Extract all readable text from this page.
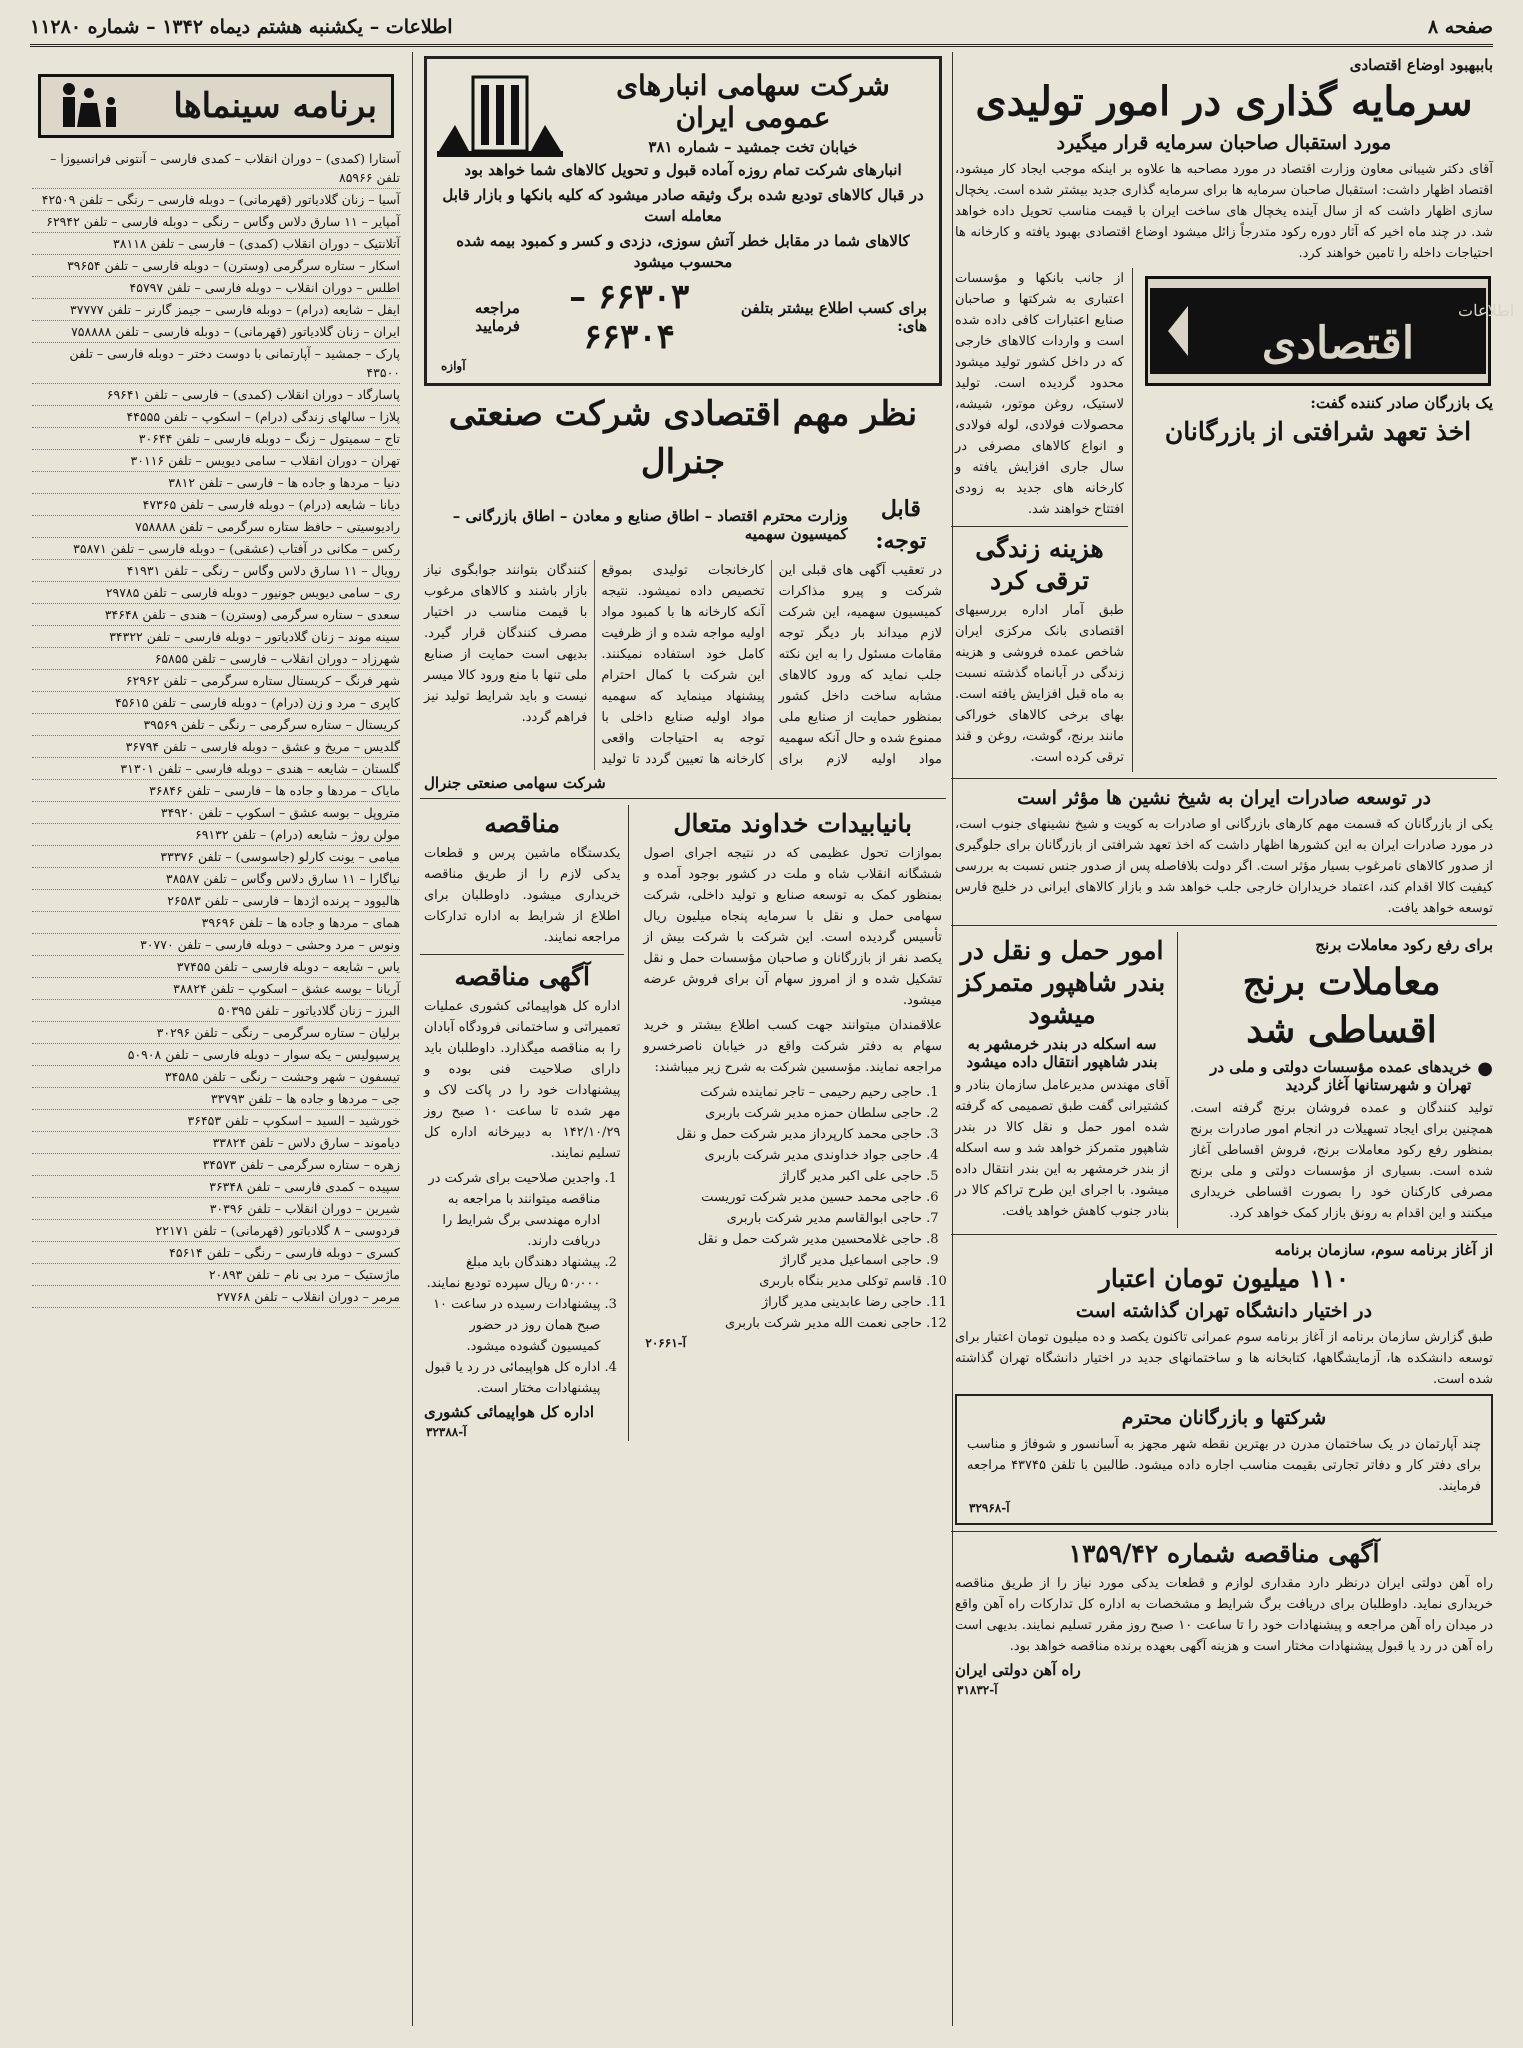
صفحه ۸
اطلاعات – یکشنبه هشتم دیماه ۱۳۴۲ – شماره ۱۱۲۸۰
باببهبود اوضاع اقتصادی
سرمایه گذاری در امور تولیدی
مورد استقبال صاحبان سرمایه قرار میگیرد

آقای دکتر شیبانی معاون وزارت اقتصاد در مورد مصاحبه ها علاوه بر اینکه موجب ایجاد کار میشود، اقتصاد اظهار داشت: استقبال صاحبان سرمایه ها برای سرمایه گذاری جدید بیشتر شده است. یخچال سازی اظهار داشت که از سال آینده یخچال های ساخت ایران با قیمت مناسب تحویل داده خواهد شد. در چند ماه اخیر که آثار دوره رکود متدرجاً زائل میشود اوضاع اقتصادی بهبود یافته و کارخانه ها احتیاجات داخله را تامین خواهند کرد.

اطلاعات
اقتصادی
یک بازرگان صادر کننده گفت:
اخذ تعهد شرافتی از بازرگانان

از جانب بانکها و مؤسسات اعتباری به شرکتها و صاحبان صنایع اعتبارات کافی داده شده است و واردات کالاهای خارجی که در داخل کشور تولید میشود محدود گردیده است. تولید لاستیک، روغن موتور، شیشه، محصولات فولادی، لوله فولادی و انواع کالاهای مصرفی در سال جاری افزایش یافته و کارخانه های جدید به زودی افتتاح خواهند شد.

هزینه زندگی ترقی کرد

طبق آمار اداره بررسیهای اقتصادی بانک مرکزی ایران شاخص عمده فروشی و هزینه زندگی در آبانماه گذشته نسبت به ماه قبل افزایش یافته است. بهای برخی کالاهای خوراکی مانند برنج، گوشت، روغن و قند ترقی کرده است.

در توسعه صادرات ایران به شیخ نشین ها مؤثر است

یکی از بازرگانان که قسمت مهم کارهای بازرگانی او صادرات به کویت و شیخ نشینهای جنوب است، در مورد صادرات ایران به این کشورها اظهار داشت که اخذ تعهد شرافتی از بازرگانان برای جلوگیری از صدور کالاهای نامرغوب بسیار مؤثر است. اگر دولت بلافاصله پس از صدور جنس نسبت به بررسی کیفیت کالا اقدام کند، اعتماد خریداران خارجی جلب خواهد شد و بازار کالاهای ایرانی در خلیج فارس توسعه خواهد یافت.

برای رفع رکود معاملات برنج
معاملات برنج اقساطی شد
●
خریدهای عمده مؤسسات دولتی و ملی در تهران و شهرستانها آغاز گردید

تولید کنندگان و عمده فروشان برنج گرفته است. همچنین برای ایجاد تسهیلات در انجام امور صادرات برنج بمنظور رفع رکود معاملات برنج، فروش اقساطی آغاز شده است. بسیاری از مؤسسات دولتی و ملی برنج مصرفی کارکنان خود را بصورت اقساطی خریداری میکنند و این اقدام به رونق بازار کمک خواهد کرد.

امور حمل و نقل در بندر شاهپور متمرکز میشود
سه اسکله در بندر خرمشهر به بندر شاهپور انتقال داده میشود

آقای مهندس مدیرعامل سازمان بنادر و کشتیرانی گفت طبق تصمیمی که گرفته شده امور حمل و نقل کالا در بندر شاهپور متمرکز خواهد شد و سه اسکله از بندر خرمشهر به این بندر انتقال داده میشود. با اجرای این طرح تراکم کالا در بنادر جنوب کاهش خواهد یافت.

از آغاز برنامه سوم، سازمان برنامه
۱۱۰ میلیون تومان اعتبار
در اختیار دانشگاه تهران گذاشته است

طبق گزارش سازمان برنامه از آغاز برنامه سوم عمرانی تاکنون یکصد و ده میلیون تومان اعتبار برای توسعه دانشکده ها، آزمایشگاهها، کتابخانه ها و ساختمانهای جدید در اختیار دانشگاه تهران گذاشته شده است.

شرکتها و بازرگانان محترم

چند آپارتمان در یک ساختمان مدرن در بهترین نقطه شهر مجهز به آسانسور و شوفاژ و مناسب برای دفتر کار و دفاتر تجارتی بقیمت مناسب اجاره داده میشود. طالبین با تلفن ۴۳۷۴۵ مراجعه فرمایند.

آ-۳۲۹۶۸
آگهی مناقصه شماره ۱۳۵۹/۴۲

راه آهن دولتی ایران درنظر دارد مقداری لوازم و قطعات یدکی مورد نیاز را از طریق مناقصه خریداری نماید. داوطلبان برای دریافت برگ شرایط و مشخصات به اداره کل تدارکات راه آهن واقع در میدان راه آهن مراجعه و پیشنهادات خود را تا ساعت ۱۰ صبح روز مقرر تسلیم نمایند. بدیهی است راه آهن در رد یا قبول پیشنهادات مختار است و هزینه آگهی بعهده برنده مناقصه خواهد بود.

راه آهن دولتی ایران
آ-۳۱۸۳۲
شرکت سهامی انبارهای عمومی ایران
خیابان تخت جمشید – شماره ۳۸۱

انبارهای شرکت تمام روزه آماده قبول و تحویل کالاهای شما خواهد بود

در قبال کالاهای تودیع شده برگ وثیقه صادر میشود که کلیه بانکها و بازار قابل معامله است

کالاهای شما در مقابل خطر آتش سوزی، دزدی و کسر و کمبود بیمه شده محسوب میشود

برای کسب اطلاع بیشتر بتلفن های:
۶۶۳۰۳ – ۶۶۳۰۴
مراجعه فرمایید
آوازه
نظر مهم اقتصادی شرکت صنعتی جنرال
قابل توجه:
وزارت محترم اقتصاد – اطاق صنایع و معادن – اطاق بازرگانی – کمیسیون سهمیه

در تعقیب آگهی های قبلی این شرکت و پیرو مذاکرات کمیسیون سهمیه، این شرکت لازم میداند بار دیگر توجه مقامات مسئول را به این نکته جلب نماید که ورود کالاهای مشابه ساخت داخل کشور بمنظور حمایت از صنایع ملی ممنوع شده و حال آنکه سهمیه مواد اولیه لازم برای کارخانجات تولیدی بموقع تخصیص داده نمیشود. نتیجه آنکه کارخانه ها با کمبود مواد اولیه مواجه شده و از ظرفیت کامل خود استفاده نمیکنند. این شرکت با کمال احترام پیشنهاد مینماید که سهمیه مواد اولیه صنایع داخلی با توجه به احتیاجات واقعی کارخانه ها تعیین گردد تا تولید کنندگان بتوانند جوابگوی نیاز بازار باشند و کالاهای مرغوب با قیمت مناسب در اختیار مصرف کنندگان قرار گیرد. بدیهی است حمایت از صنایع ملی تنها با منع ورود کالا میسر نیست و باید شرایط تولید نیز فراهم گردد.

شرکت سهامی صنعتی جنرال
بانیابیدات خداوند متعال

بموازات تحول عظیمی که در نتیجه اجرای اصول ششگانه انقلاب شاه و ملت در کشور بوجود آمده و بمنظور کمک به توسعه صنایع و تولید داخلی، شرکت سهامی حمل و نقل با سرمایه پنجاه میلیون ریال تأسیس گردیده است. این شرکت با شرکت بیش از یکصد نفر از بازرگانان و صاحبان مؤسسات حمل و نقل تشکیل شده و از امروز سهام آن برای فروش عرضه میشود.

علاقمندان میتوانند جهت کسب اطلاع بیشتر و خرید سهام به دفتر شرکت واقع در خیابان ناصرخسرو مراجعه نمایند. مؤسسین شرکت به شرح زیر میباشند:

1. حاجی رحیم رحیمی – تاجر نماینده شرکت
2. حاجی سلطان حمزه مدیر شرکت باربری
3. حاجی محمد کارپرداز مدیر شرکت حمل و نقل
4. حاجی جواد خداوندی مدیر شرکت باربری
5. حاجی علی اکبر مدیر گاراژ
6. حاجی محمد حسین مدیر شرکت توریست
7. حاجی ابوالقاسم مدیر شرکت باربری
8. حاجی غلامحسین مدیر شرکت حمل و نقل
9. حاجی اسماعیل مدیر گاراژ
10. قاسم توکلی مدیر بنگاه باربری
11. حاجی رضا عابدینی مدیر گاراژ
12. حاجی نعمت الله مدیر شرکت باربری
آ-۲۰۶۶۱
مناقصه

یکدستگاه ماشین پرس و قطعات یدکی لازم را از طریق مناقصه خریداری میشود. داوطلبان برای اطلاع از شرایط به اداره تدارکات مراجعه نمایند.

آگهی مناقصه

اداره کل هواپیمائی کشوری عملیات تعمیراتی و ساختمانی فرودگاه آبادان را به مناقصه میگذارد. داوطلبان باید دارای صلاحیت فنی بوده و پیشنهادات خود را در پاکت لاک و مهر شده تا ساعت ۱۰ صبح روز ۱۴۲/۱۰/۲۹ به دبیرخانه اداره کل تسلیم نمایند.

1. واجدین صلاحیت برای شرکت در مناقصه میتوانند با مراجعه به اداره مهندسی برگ شرایط را دریافت دارند.
2. پیشنهاد دهندگان باید مبلغ ۵۰٫۰۰۰ ریال سپرده تودیع نمایند.
3. پیشنهادات رسیده در ساعت ۱۰ صبح همان روز در حضور کمیسیون گشوده میشود.
4. اداره کل هواپیمائی در رد یا قبول پیشنهادات مختار است.
اداره کل هواپیمائی کشوری
آ-۳۲۳۸۸
برنامه سینماها
آستارا (کمدی) – دوران انقلاب – کمدی فارسی – آنتونی فرانسیوزا – تلفن ۸۵۹۶۶
آسیا – زنان گلادیاتور (قهرمانی) – دوبله فارسی – رنگی – تلفن ۴۲۵۰۹
آمپایر – ۱۱ سارق دلاس وگاس – رنگی – دوبله فارسی – تلفن ۶۲۹۴۲
آتلانتیک – دوران انقلاب (کمدی) – فارسی – تلفن ۳۸۱۱۸
اسکار – ستاره سرگرمی (وسترن) – دوبله فارسی – تلفن ۳۹۶۵۴
اطلس – دوران انقلاب – دوبله فارسی – تلفن ۴۵۷۹۷
ایفل – شایعه (درام) – دوبله فارسی – جیمز گارنر – تلفن ۳۷۷۷۷
ایران – زنان گلادیاتور (قهرمانی) – دوبله فارسی – تلفن ۷۵۸۸۸۸
پارک – جمشید – آپارتمانی با دوست دختر – دوبله فارسی – تلفن ۴۳۵۰۰
پاسارگاد – دوران انقلاب (کمدی) – فارسی – تلفن ۶۹۶۴۱
پلازا – سالهای زندگی (درام) – اسکوپ – تلفن ۴۴۵۵۵
تاج – سمیتول – زنگ – دوبله فارسی – تلفن ۳۰۶۴۴
تهران – دوران انقلاب – سامی دیویس – تلفن ۳۰۱۱۶
دنیا – مردها و جاده ها – فارسی – تلفن ۳۸۱۲
دیانا – شایعه (درام) – دوبله فارسی – تلفن ۴۷۳۶۵
رادیوسیتی – حافظ ستاره سرگرمی – تلفن ۷۵۸۸۸۸
رکس – مکانی در آفتاب (عشقی) – دوبله فارسی – تلفن ۳۵۸۷۱
رویال – ۱۱ سارق دلاس وگاس – رنگی – تلفن ۴۱۹۳۱
ری – سامی دیویس جونیور – دوبله فارسی – تلفن ۲۹۷۸۵
سعدی – ستاره سرگرمی (وسترن) – هندی – تلفن ۳۴۶۴۸
سینه موند – زنان گلادیاتور – دوبله فارسی – تلفن ۳۴۳۲۲
شهرزاد – دوران انقلاب – فارسی – تلفن ۶۵۸۵۵
شهر فرنگ – کریستال ستاره سرگرمی – تلفن ۶۲۹۶۲
کاپری – مرد و زن (درام) – دوبله فارسی – تلفن ۴۵۶۱۵
کریستال – ستاره سرگرمی – رنگی – تلفن ۳۹۵۶۹
گلدیس – مریخ و عشق – دوبله فارسی – تلفن ۳۶۷۹۴
گلستان – شایعه – هندی – دوبله فارسی – تلفن ۳۱۳۰۱
مایاک – مردها و جاده ها – فارسی – تلفن ۳۶۸۴۶
متروپل – بوسه عشق – اسکوپ – تلفن ۳۴۹۲۰
مولن روژ – شایعه (درام) – تلفن ۶۹۱۳۲
میامی – یونت کارلو (جاسوسی) – تلفن ۳۳۳۷۶
نیاگارا – ۱۱ سارق دلاس وگاس – تلفن ۳۸۵۸۷
هالیوود – پرنده اژدها – فارسی – تلفن ۲۶۵۸۳
همای – مردها و جاده ها – تلفن ۳۹۶۹۶
ونوس – مرد وحشی – دوبله فارسی – تلفن ۳۰۷۷۰
یاس – شایعه – دوبله فارسی – تلفن ۳۷۴۵۵
آریانا – بوسه عشق – اسکوپ – تلفن ۳۸۸۲۴
البرز – زنان گلادیاتور – تلفن ۵۰۳۹۵
برلیان – ستاره سرگرمی – رنگی – تلفن ۳۰۲۹۶
پرسپولیس – یکه سوار – دوبله فارسی – تلفن ۵۰۹۰۸
تیسفون – شهر وحشت – رنگی – تلفن ۳۴۵۸۵
جی – مردها و جاده ها – تلفن ۳۳۷۹۳
خورشید – السید – اسکوپ – تلفن ۳۶۴۵۳
دیاموند – سارق دلاس – تلفن ۳۳۸۲۴
زهره – ستاره سرگرمی – تلفن ۳۴۵۷۳
سپیده – کمدی فارسی – تلفن ۳۶۳۴۸
شیرین – دوران انقلاب – تلفن ۳۰۳۹۶
فردوسی – ۸ گلادیاتور (قهرمانی) – تلفن ۲۲۱۷۱
کسری – دوبله فارسی – رنگی – تلفن ۴۵۶۱۴
ماژستیک – مرد بی نام – تلفن ۲۰۸۹۳
مرمر – دوران انقلاب – تلفن ۲۷۷۶۸
